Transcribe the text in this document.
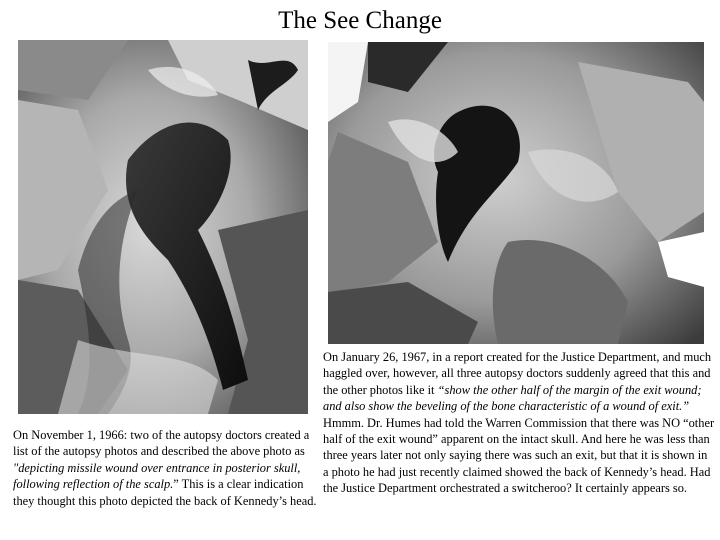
The See Change
On November 1, 1966: two of the autopsy doctors created a list of the autopsy photos and described the above photo as "depicting missile wound over entrance in posterior skull, following reflection of the scalp.” This is a clear indication they thought this photo depicted the back of Kennedy’s head.
On January 26, 1967, in a report created for the Justice Department, and much haggled over, however, all three autopsy doctors suddenly agreed that this and the other photos like it “show the other half of the margin of the exit wound; and also show the beveling of the bone characteristic of a wound of exit.” Hmmm. Dr. Humes had told the Warren Commission that there was NO “other half of the exit wound” apparent on the intact skull. And here he was less than three years later not only saying there was such an exit, but that it is shown in a photo he had just recently claimed showed the back of Kennedy’s head. Had the Justice Department orchestrated a switcheroo? It certainly appears so.
